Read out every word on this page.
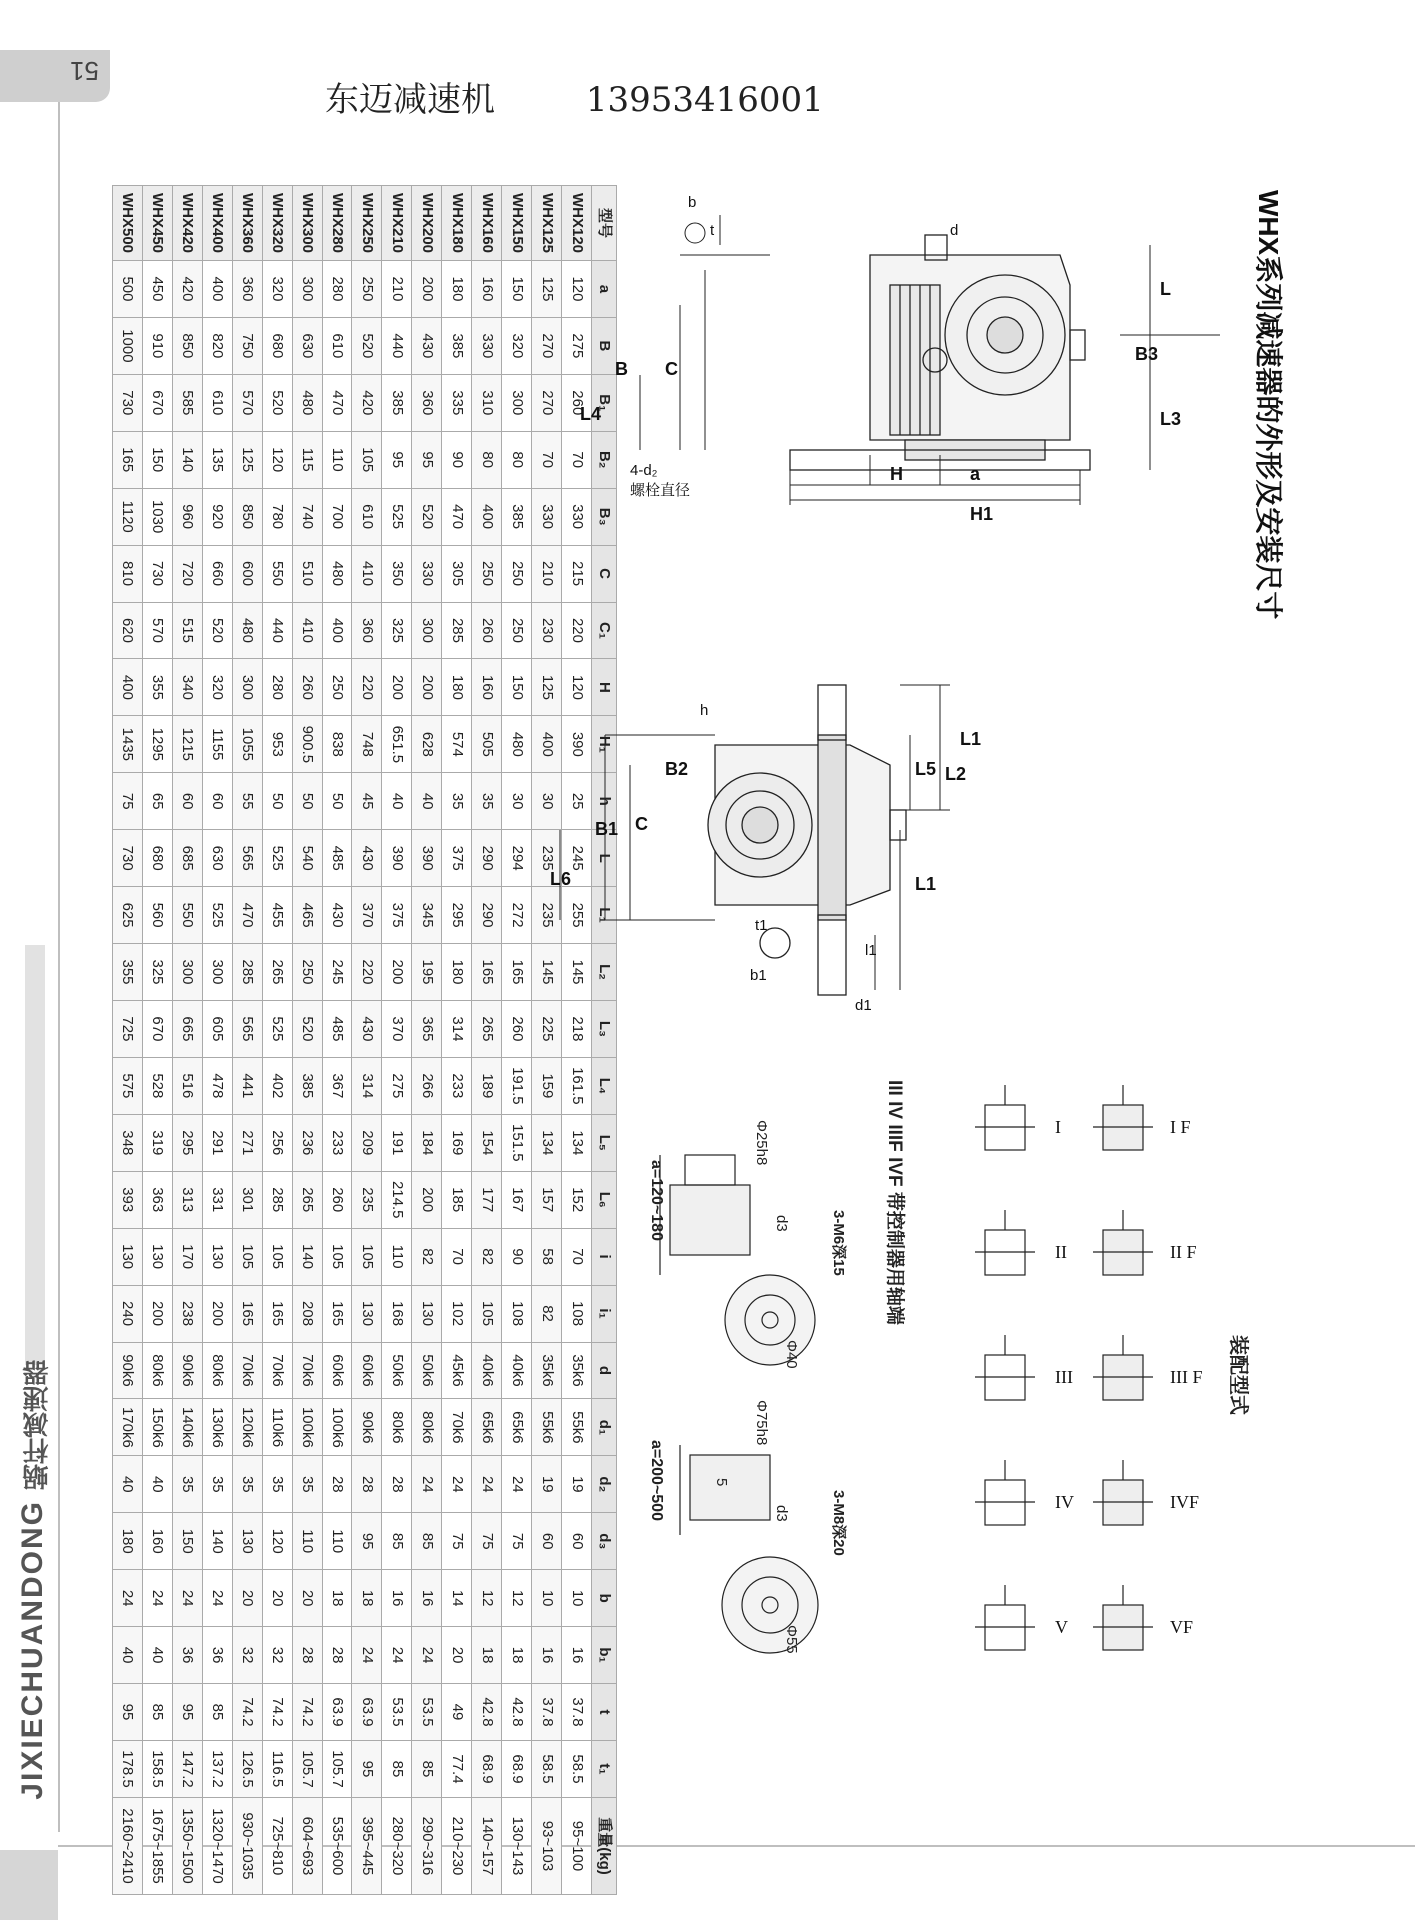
51
蜗杆减速器
JIXIECHUANDONG
东迈减速机	13953416001
型号	a	B	B₁	B₂	B₃	C	C₁	H	H₁	h	L	L₁	L₂	L₃	L₄	L₅	L₆	i	i₁	d	d₁	d₂	d₃	b	b₁	t	t₁	重量(kg)
WHX120	120	275	260	70	330	215	220	120	390	25	245	255	145	218	161.5	134	152	70	108	35k6	55k6	19	60	10	16	37.8	58.5	95~100
WHX125	125	270	270	70	330	210	230	125	400	30	235	235	145	225	159	134	157	58	82	35k6	55k6	19	60	10	16	37.8	58.5	93~103
WHX150	150	320	300	80	385	250	250	150	480	30	294	272	165	260	191.5	151.5	167	90	108	40k6	65k6	24	75	12	18	42.8	68.9	130~143
WHX160	160	330	310	80	400	250	260	160	505	35	290	290	165	265	189	154	177	82	105	40k6	65k6	24	75	12	18	42.8	68.9	140~157
WHX180	180	385	335	90	470	305	285	180	574	35	375	295	180	314	233	169	185	70	102	45k6	70k6	24	75	14	20	49	77.4	210~230
WHX200	200	430	360	95	520	330	300	200	628	40	390	345	195	365	266	184	200	82	130	50k6	80k6	24	85	16	24	53.5	85	290~316
WHX210	210	440	385	95	525	350	325	200	651.5	40	390	375	200	370	275	191	214.5	110	168	50k6	80k6	28	85	16	24	53.5	85	280~320
WHX250	250	520	420	105	610	410	360	220	748	45	430	370	220	430	314	209	235	105	130	60k6	90k6	28	95	18	24	63.9	95	395~445
WHX280	280	610	470	110	700	480	400	250	838	50	485	430	245	485	367	233	260	105	165	60k6	100k6	28	110	18	28	63.9	105.7	535~600
WHX300	300	630	480	115	740	510	410	260	900.5	50	540	465	250	520	385	236	265	140	208	70k6	100k6	35	110	20	28	74.2	105.7	604~693
WHX320	320	680	520	120	780	550	440	280	953	50	525	455	265	525	402	256	285	105	165	70k6	110k6	35	120	20	32	74.2	116.5	725~810
WHX360	360	750	570	125	850	600	480	300	1055	55	565	470	285	565	441	271	301	105	165	70k6	120k6	35	130	20	32	74.2	126.5	930~1035
WHX400	400	820	610	135	920	660	520	320	1155	60	630	525	300	605	478	291	331	130	200	80k6	130k6	35	140	24	36	85	137.2	1320~1470
WHX420	420	850	585	140	960	720	515	340	1215	60	685	550	300	665	516	295	313	170	238	90k6	140k6	35	150	24	36	95	147.2	1350~1500
WHX450	450	910	670	150	1030	730	570	355	1295	65	680	560	325	670	528	319	363	130	200	80k6	150k6	40	160	24	40	85	158.5	1675~1855
WHX500	500	1000	730	165	1120	810	620	400	1435	75	730	625	355	725	575	348	393	130	240	90k6	170k6	40	180	24	40	95	178.5	2160~2410
WHX系列减速器的外形及安装尺寸
b
t	d
L
B3
L3
C
B
L4
H	a
H1
4-d₂
螺栓直径
h
B2
C
B1
L6
L1
L2
L5
L1
l1
t1
b1
d1
III IV IIIF IVF 带控制器用轴端
Φ25h8
3-M6深15
d3
Φ40
a=120~180
Φ75h8
3-M8深20
d3
5
Φ55
a=200~500
装配型式
I
II
III
IV
V
I F
II F
III F
IVF
VF
